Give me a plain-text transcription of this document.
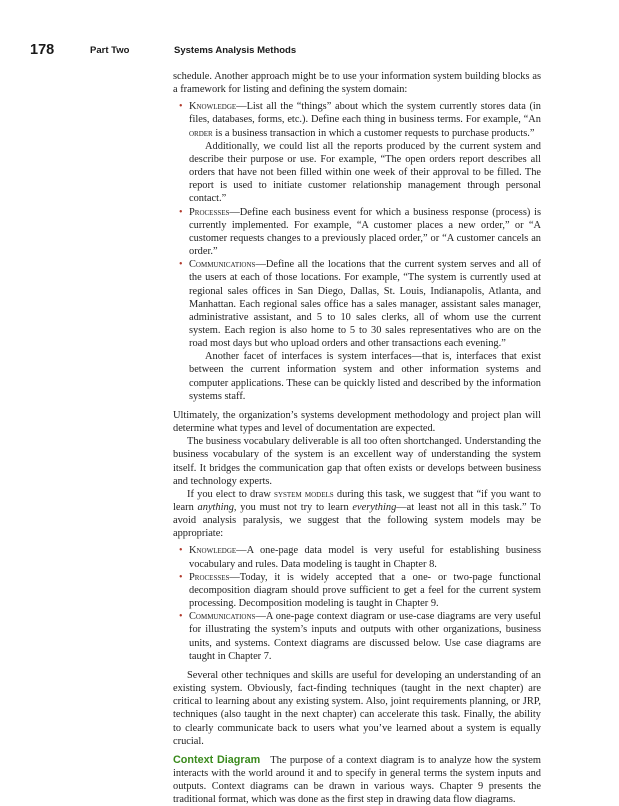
178	Part Two	Systems Analysis Methods

schedule. Another approach might be to use your information system building blocks as a framework for listing and defining the system domain:

• Knowledge—List all the “things” about which the system currently stores data (in files, databases, forms, etc.). Define each thing in business terms. For example, “An order is a business transaction in which a customer requests to purchase products.”

Additionally, we could list all the reports produced by the current system and describe their purpose or use. For example, “The open orders report describes all orders that have not been filled within one week of their approval to be filled. The report is used to initiate customer relationship management through personal contact.”

• Processes—Define each business event for which a business response (process) is currently implemented. For example, “A customer places a new order,” or “A customer requests changes to a previously placed order,” or “A customer cancels an order.”

• Communications—Define all the locations that the current system serves and all of the users at each of those locations. For example, “The system is currently used at regional sales offices in San Diego, Dallas, St. Louis, Indianapolis, Atlanta, and Manhattan. Each regional sales office has a sales manager, assistant sales manager, administrative assistant, and 5 to 10 sales clerks, all of whom use the current system. Each region is also home to 5 to 30 sales representatives who are on the road most days but who upload orders and other transactions each evening.”

Another facet of interfaces is system interfaces—that is, interfaces that exist between the current information system and other information systems and computer applications. These can be quickly listed and described by the information systems staff.

Ultimately, the organization’s systems development methodology and project plan will determine what types and level of documentation are expected.

The business vocabulary deliverable is all too often shortchanged. Understanding the business vocabulary of the system is an excellent way of understanding the system itself. It bridges the communication gap that often exists or develops between business and technology experts.

If you elect to draw system models during this task, we suggest that “if you want to learn anything, you must not try to learn everything—at least not all in this task.” To avoid analysis paralysis, we suggest that the following system models may be appropriate:

• Knowledge—A one-page data model is very useful for establishing business vocabulary and rules. Data modeling is taught in Chapter 8.

• Processes—Today, it is widely accepted that a one- or two-page functional decomposition diagram should prove sufficient to get a feel for the current system processing. Decomposition modeling is taught in Chapter 9.

• Communications—A one-page context diagram or use-case diagrams are very useful for illustrating the system’s inputs and outputs with other organizations, business units, and systems. Context diagrams are discussed below. Use case diagrams are taught in Chapter 7.

Several other techniques and skills are useful for developing an understanding of an existing system. Obviously, fact-finding techniques (taught in the next chapter) are critical to learning about any existing system. Also, joint requirements planning, or JRP, techniques (also taught in the next chapter) can accelerate this task. Finally, the ability to clearly communicate back to users what you’ve learned about a system is equally crucial.

Context Diagram The purpose of a context diagram is to analyze how the system interacts with the world around it and to specify in general terms the system inputs and outputs. Context diagrams can be drawn in various ways. Chapter 9 presents the traditional format, which was done as the first step in drawing data flow diagrams.
